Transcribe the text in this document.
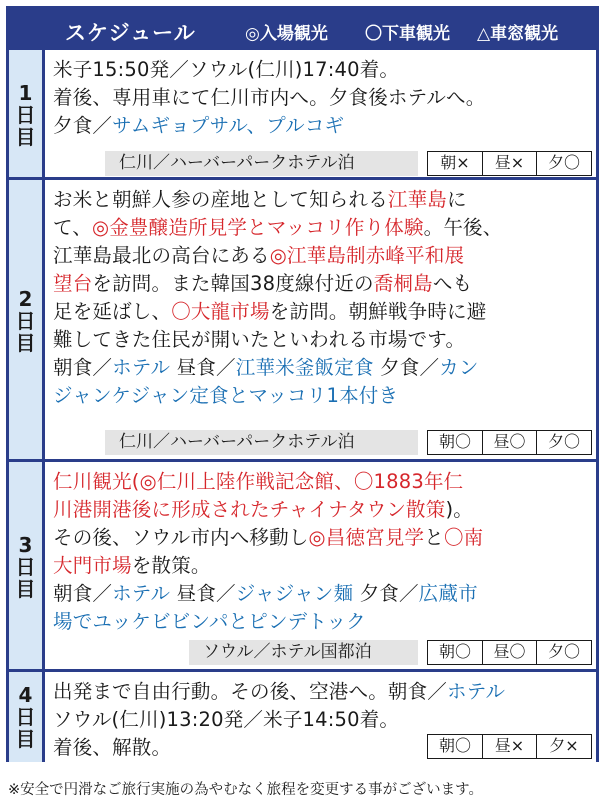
スケジュール	◎入場観光 〇下車観光 △車窓観光
1
日
目
米子15:50発／ソウル(仁川)17:40着。
着後、専用車にて仁川市内へ。夕食後ホテルへ。
夕食／サムギョプサル、プルコギ
仁川／ハーバーパークホテル泊	朝×	昼×	夕〇
2
日
目
お米と朝鮮人参の産地として知られる江華島に
て、◎金豊醸造所見学とマッコリ作り体験。午後、
江華島最北の高台にある◎江華島制赤峰平和展
望台を訪問。また韓国38度線付近の喬桐島へも
足を延ばし、〇大龍市場を訪問。朝鮮戦争時に避
難してきた住民が開いたといわれる市場です。
朝食／ホテル 昼食／江華米釜飯定食 夕食／カン
ジャンケジャン定食とマッコリ1本付き
仁川／ハーバーパークホテル泊	朝〇	昼〇	夕〇
3
日
目
仁川観光(◎仁川上陸作戦記念館、〇1883年仁
川港開港後に形成されたチャイナタウン散策)。
その後、ソウル市内へ移動し◎昌徳宮見学と〇南
大門市場を散策。
朝食／ホテル 昼食／ジャジャン麺 夕食／広蔵市
場でユッケビビンパとピンデトック
ソウル／ホテル国都泊	朝〇	昼〇	夕〇
4
日
目
出発まで自由行動。その後、空港へ。朝食／ホテル
ソウル(仁川)13:20発／米子14:50着。
着後、解散。	朝〇	昼×	夕×
※安全で円滑なご旅行実施の為やむなく旅程を変更する事がございます。
